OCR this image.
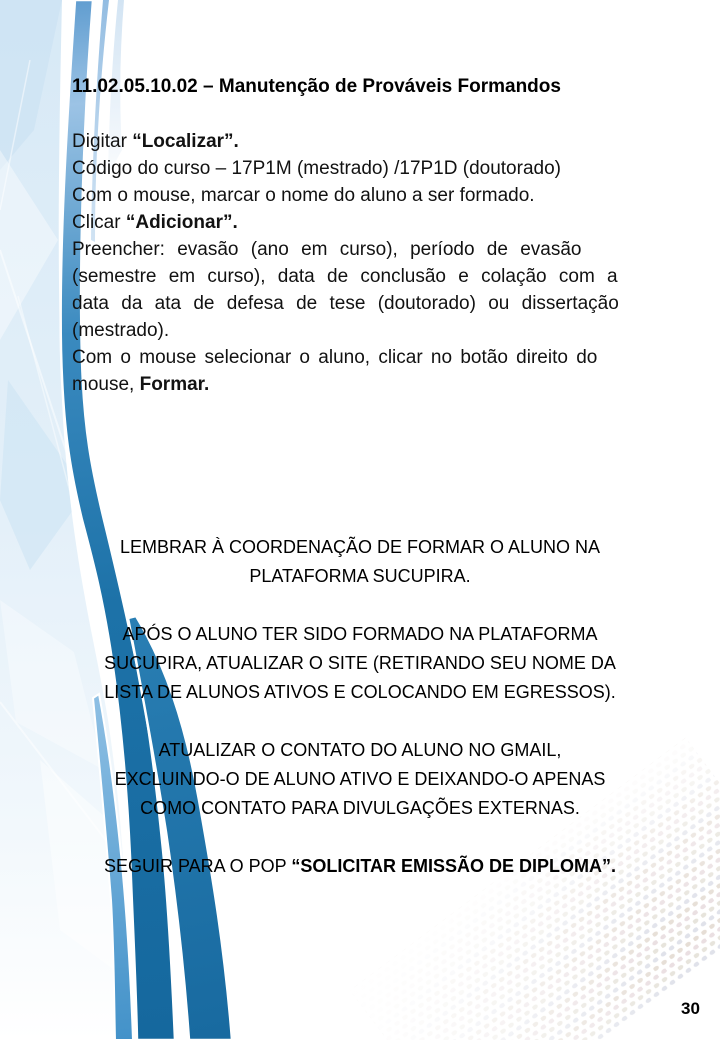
11.02.05.10.02 – Manutenção de Prováveis Formandos
Digitar “Localizar”.
Código do curso – 17P1M (mestrado) /17P1D (doutorado)
Com o mouse, marcar o nome do aluno a ser formado.
Clicar “Adicionar”.
Preencher: evasão (ano em curso), período de evasão
(semestre em curso), data de conclusão e colação com a
data da ata de defesa de tese (doutorado) ou dissertação
(mestrado).
Com o mouse selecionar o aluno, clicar no botão direito do
mouse, Formar.
LEMBRAR À COORDENAÇÃO DE FORMAR O ALUNO NA
PLATAFORMA SUCUPIRA.
APÓS O ALUNO TER SIDO FORMADO NA PLATAFORMA
SUCUPIRA, ATUALIZAR O SITE (RETIRANDO SEU NOME DA
LISTA DE ALUNOS ATIVOS E COLOCANDO EM EGRESSOS).
ATUALIZAR O CONTATO DO ALUNO NO GMAIL,
EXCLUINDO-O DE ALUNO ATIVO E DEIXANDO-O APENAS
COMO CONTATO PARA DIVULGAÇÕES EXTERNAS.
SEGUIR PARA O POP “SOLICITAR EMISSÃO DE DIPLOMA”.
30
